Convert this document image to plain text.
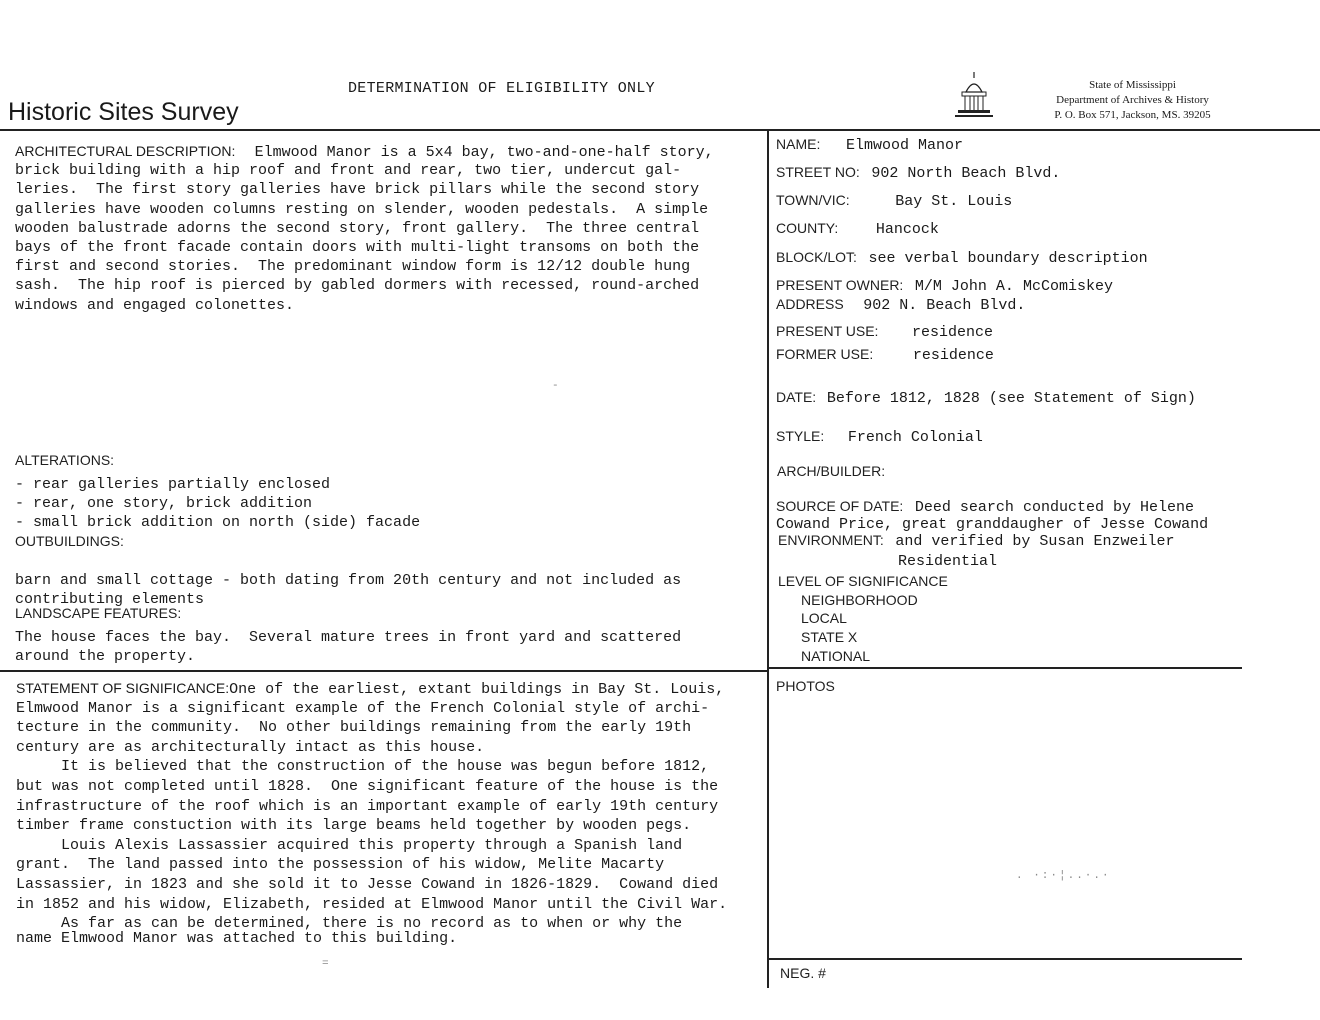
DETERMINATION OF ELIGIBILITY ONLY
Historic Sites Survey
State of Mississippi
Department of Archives & History
P. O. Box 571, Jackson, MS. 39205
ARCHITECTURAL DESCRIPTION: Elmwood Manor is a 5x4 bay, two-and-one-half story,
brick building with a hip roof and front and rear, two tier, undercut gal-
leries.  The first story galleries have brick pillars while the second story
galleries have wooden columns resting on slender, wooden pedestals.  A simple
wooden balustrade adorns the second story, front gallery.  The three central
bays of the front facade contain doors with multi-light transoms on both the
first and second stories.  The predominant window form is 12/12 double hung
sash.  The hip roof is pierced by gabled dormers with recessed, round-arched
windows and engaged colonettes.
ALTERATIONS:
- rear galleries partially enclosed
- rear, one story, brick addition
- small brick addition on north (side) facade
OUTBUILDINGS:
barn and small cottage - both dating from 20th century and not included as
contributing elements
LANDSCAPE FEATURES:
The house faces the bay.  Several mature trees in front yard and scattered
around the property.
STATEMENT OF SIGNIFICANCE:One of the earliest, extant buildings in Bay St. Louis,
Elmwood Manor is a significant example of the French Colonial style of archi-
tecture in the community.  No other buildings remaining from the early 19th
century are as architecturally intact as this house.
It is believed that the construction of the house was begun before 1812,
but was not completed until 1828.  One significant feature of the house is the
infrastructure of the roof which is an important example of early 19th century
timber frame constuction with its large beams held together by wooden pegs.
Louis Alexis Lassassier acquired this property through a Spanish land
grant.  The land passed into the possession of his widow, Melite Macarty
Lassassier, in 1823 and she sold it to Jesse Cowand in 1826-1829.  Cowand died
in 1852 and his widow, Elizabeth, resided at Elmwood Manor until the Civil War.
As far as can be determined, there is no record as to when or why the
name Elmwood Manor was attached to this building.
NAME: Elmwood Manor
STREET NO: 902 North Beach Blvd.
TOWN/VIC:	Bay St. Louis
COUNTY:	Hancock
BLOCK/LOT: see verbal boundary description
PRESENT OWNER: M/M John A. McComiskey
ADDRESS 902 N. Beach Blvd.
PRESENT USE: residence
FORMER USE:	residence
DATE: Before 1812, 1828 (see Statement of Sign)
STYLE: French Colonial
ARCH/BUILDER:
SOURCE OF DATE: Deed search conducted by Helene
Cowand Price, great granddaugher of Jesse Cowand
ENVIRONMENT: and verified by Susan Enzweiler
Residential
LEVEL OF SIGNIFICANCE
NEIGHBORHOOD
LOCAL
STATE X
NATIONAL
PHOTOS
NEG. #
-
=
. ·:·¦..·.·
